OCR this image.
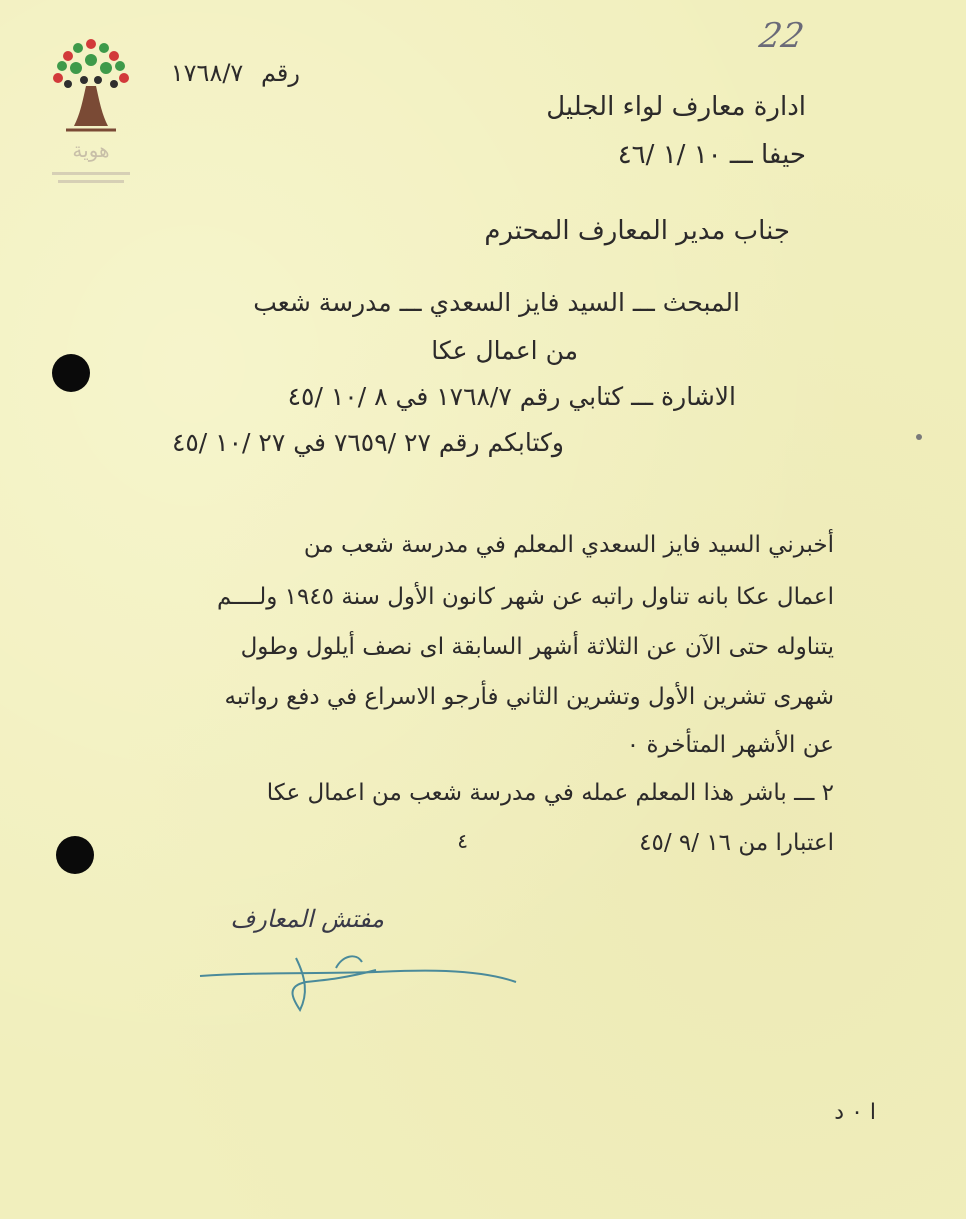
22
هوية
رقم ١٧٦٨/٧
ادارة معارف لواء الجليل
حيفا ـــ ١٠ /١ /٤٦
جناب مدير المعارف المحترم
المبحث ـــ السيد فايز السعدي ـــ مدرسة شعب
من اعمال عكا
الاشارة ـــ كتابي رقم ١٧٦٨/٧ في ٨ /١٠ /٤٥
وكتابكم رقم ٢٧ /٧٦٥٩ في ٢٧ /١٠ /٤٥
أخبرني السيد فايز السعدي المعلم في مدرسة شعب من
اعمال عكا بانه تناول راتبه عن شهر كانون الأول سنة ١٩٤٥ ولــــم
يتناوله حتى الآن عن الثلاثة أشهر السابقة اى نصف أيلول وطول
شهرى تشرين الأول وتشرين الثاني فأرجو الاسراع في دفع رواتبه
عن الأشهر المتأخرة ٠
٢ ـــ باشر هذا المعلم عمله في مدرسة شعب من اعمال عكا
اعتبارا من ١٦ /٩ /٤٥
٤
مفتش المعارف
ا ٠ د
